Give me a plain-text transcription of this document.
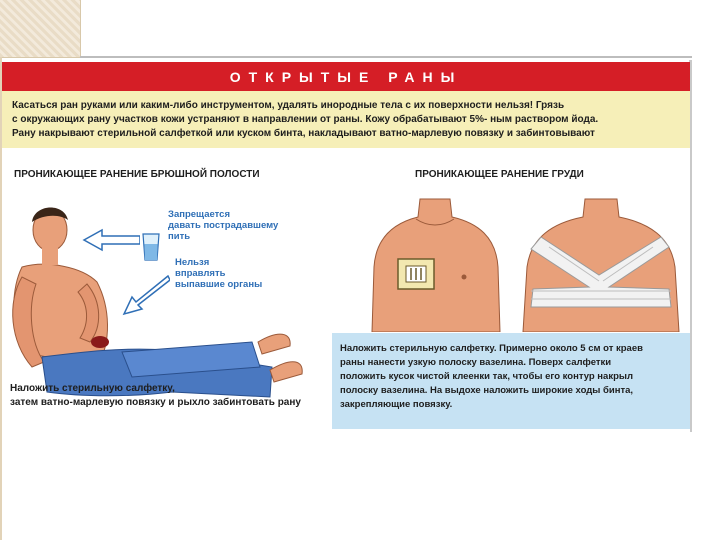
ОТКРЫТЫЕ РАНЫ
Касаться ран руками или каким-либо инструментом, удалять инородные тела с их поверхности нельзя! Грязь
с окружающих рану участков кожи устраняют в направлении от раны. Кожу обрабатывают 5%- ным раствором йода.
Рану накрывают стерильной салфеткой или куском бинта, накладывают ватно-марлевую повязку и забинтовывают
ПРОНИКАЮЩЕЕ РАНЕНИЕ БРЮШНОЙ ПОЛОСТИ	ПРОНИКАЮЩЕЕ РАНЕНИЕ ГРУДИ
Запрещается
давать пострадавшему
пить
Нельзя
вправлять
выпавшие органы
Наложить стерильную салфетку,
затем ватно-марлевую повязку и рыхло забинтовать рану
Наложить стерильную салфетку. Примерно около 5 см от краев
раны нанести узкую полоску вазелина. Поверх салфетки
положить кусок чистой клеенки так, чтобы его контур накрыл
полоску вазелина. На выдохе наложить широкие ходы бинта,
закрепляющие повязку.
